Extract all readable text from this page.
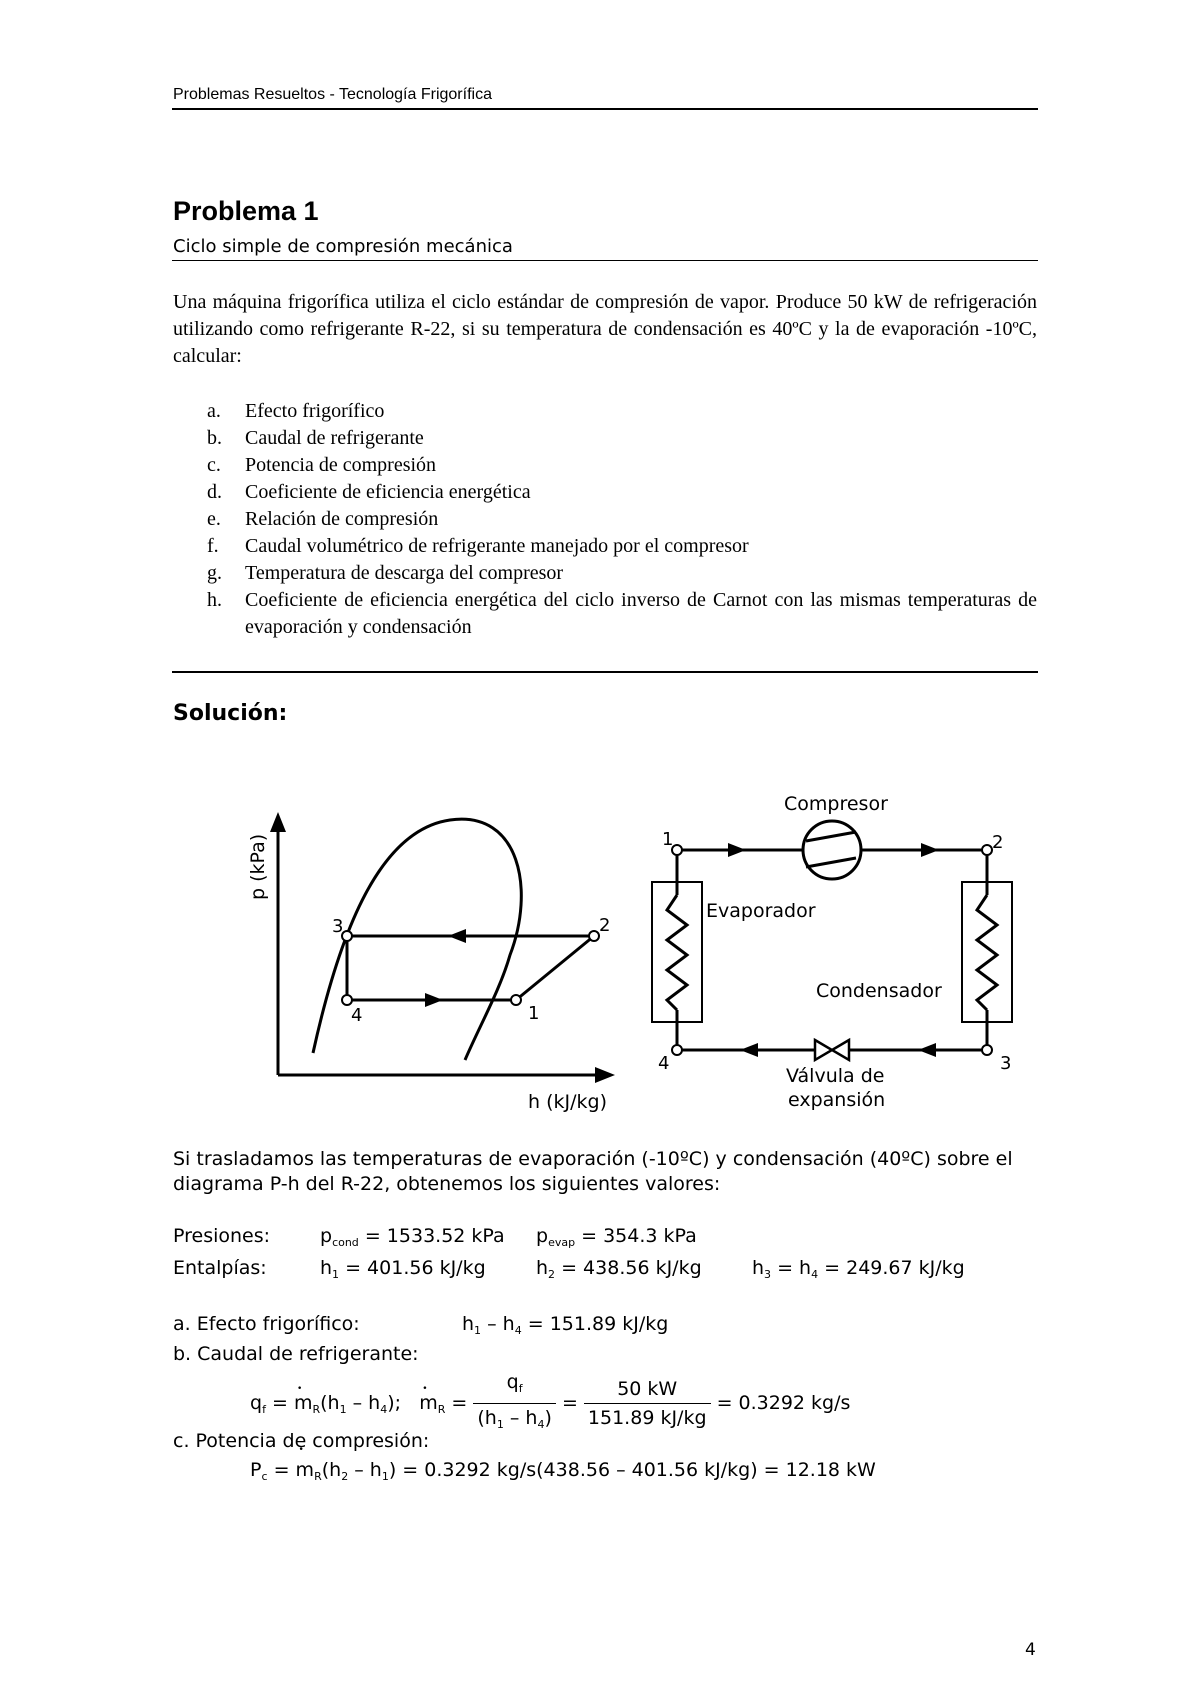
Problemas Resueltos - Tecnología Frigorífica
Problema 1
Ciclo simple de compresión mecánica
Una máquina frigorífica utiliza el ciclo estándar de compresión de vapor. Produce 50 kW de refrigeración utilizando como refrigerante R-22, si su temperatura de condensación es 40ºC y la de evaporación -10ºC, calcular:
a.	Efecto frigorífico
b.	Caudal de refrigerante
c.	Potencia de compresión
d.	Coeficiente de eficiencia energética
e.	Relación de compresión
f.	Caudal volumétrico de refrigerante manejado por el compresor
g.	Temperatura de descarga del compresor
h.	Coeficiente de eficiencia energética del ciclo inverso de Carnot con las mismas temperaturas de evaporación y condensación
Solución:
p (kPa)
h (kJ/kg)
3	2
4	1
Compresor
Evaporador
Condensador
Válvula de
expansión
1	2
3
4
Si trasladamos las temperaturas de evaporación (-10ºC) y condensación (40ºC) sobre el diagrama P-h del R-22, obtenemos los siguientes valores:
Presiones:	$p_{cond} = 1533.52$ kPa $p_{evap} = 354.3$ kPa
Entalpías:	$h_1 = 401.56$ kJ/kg	$h_2 = 438.56$ kJ/kg	$h_3 = h_4 = 249.67$ kJ/kg
a. Efecto frigorífico:	$h_1 - h_4 = 151.89$ kJ/kg
b. Caudal de refrigerante:
$q_f$ = • $m_R(h_1 - h_4)$; • $m_R = \frac{q_f}{(h_1 - h_4)} = \frac{50 kW}{151.89 kJ/kg} = 0.3292$ kg/s
c. Potencia de compresión:
$P_c$ = • $m_R(h_2 - h_1) = 0.3292$ kg/s(438.56 – 401.56 kJ/kg) = 12.18 kW
4
